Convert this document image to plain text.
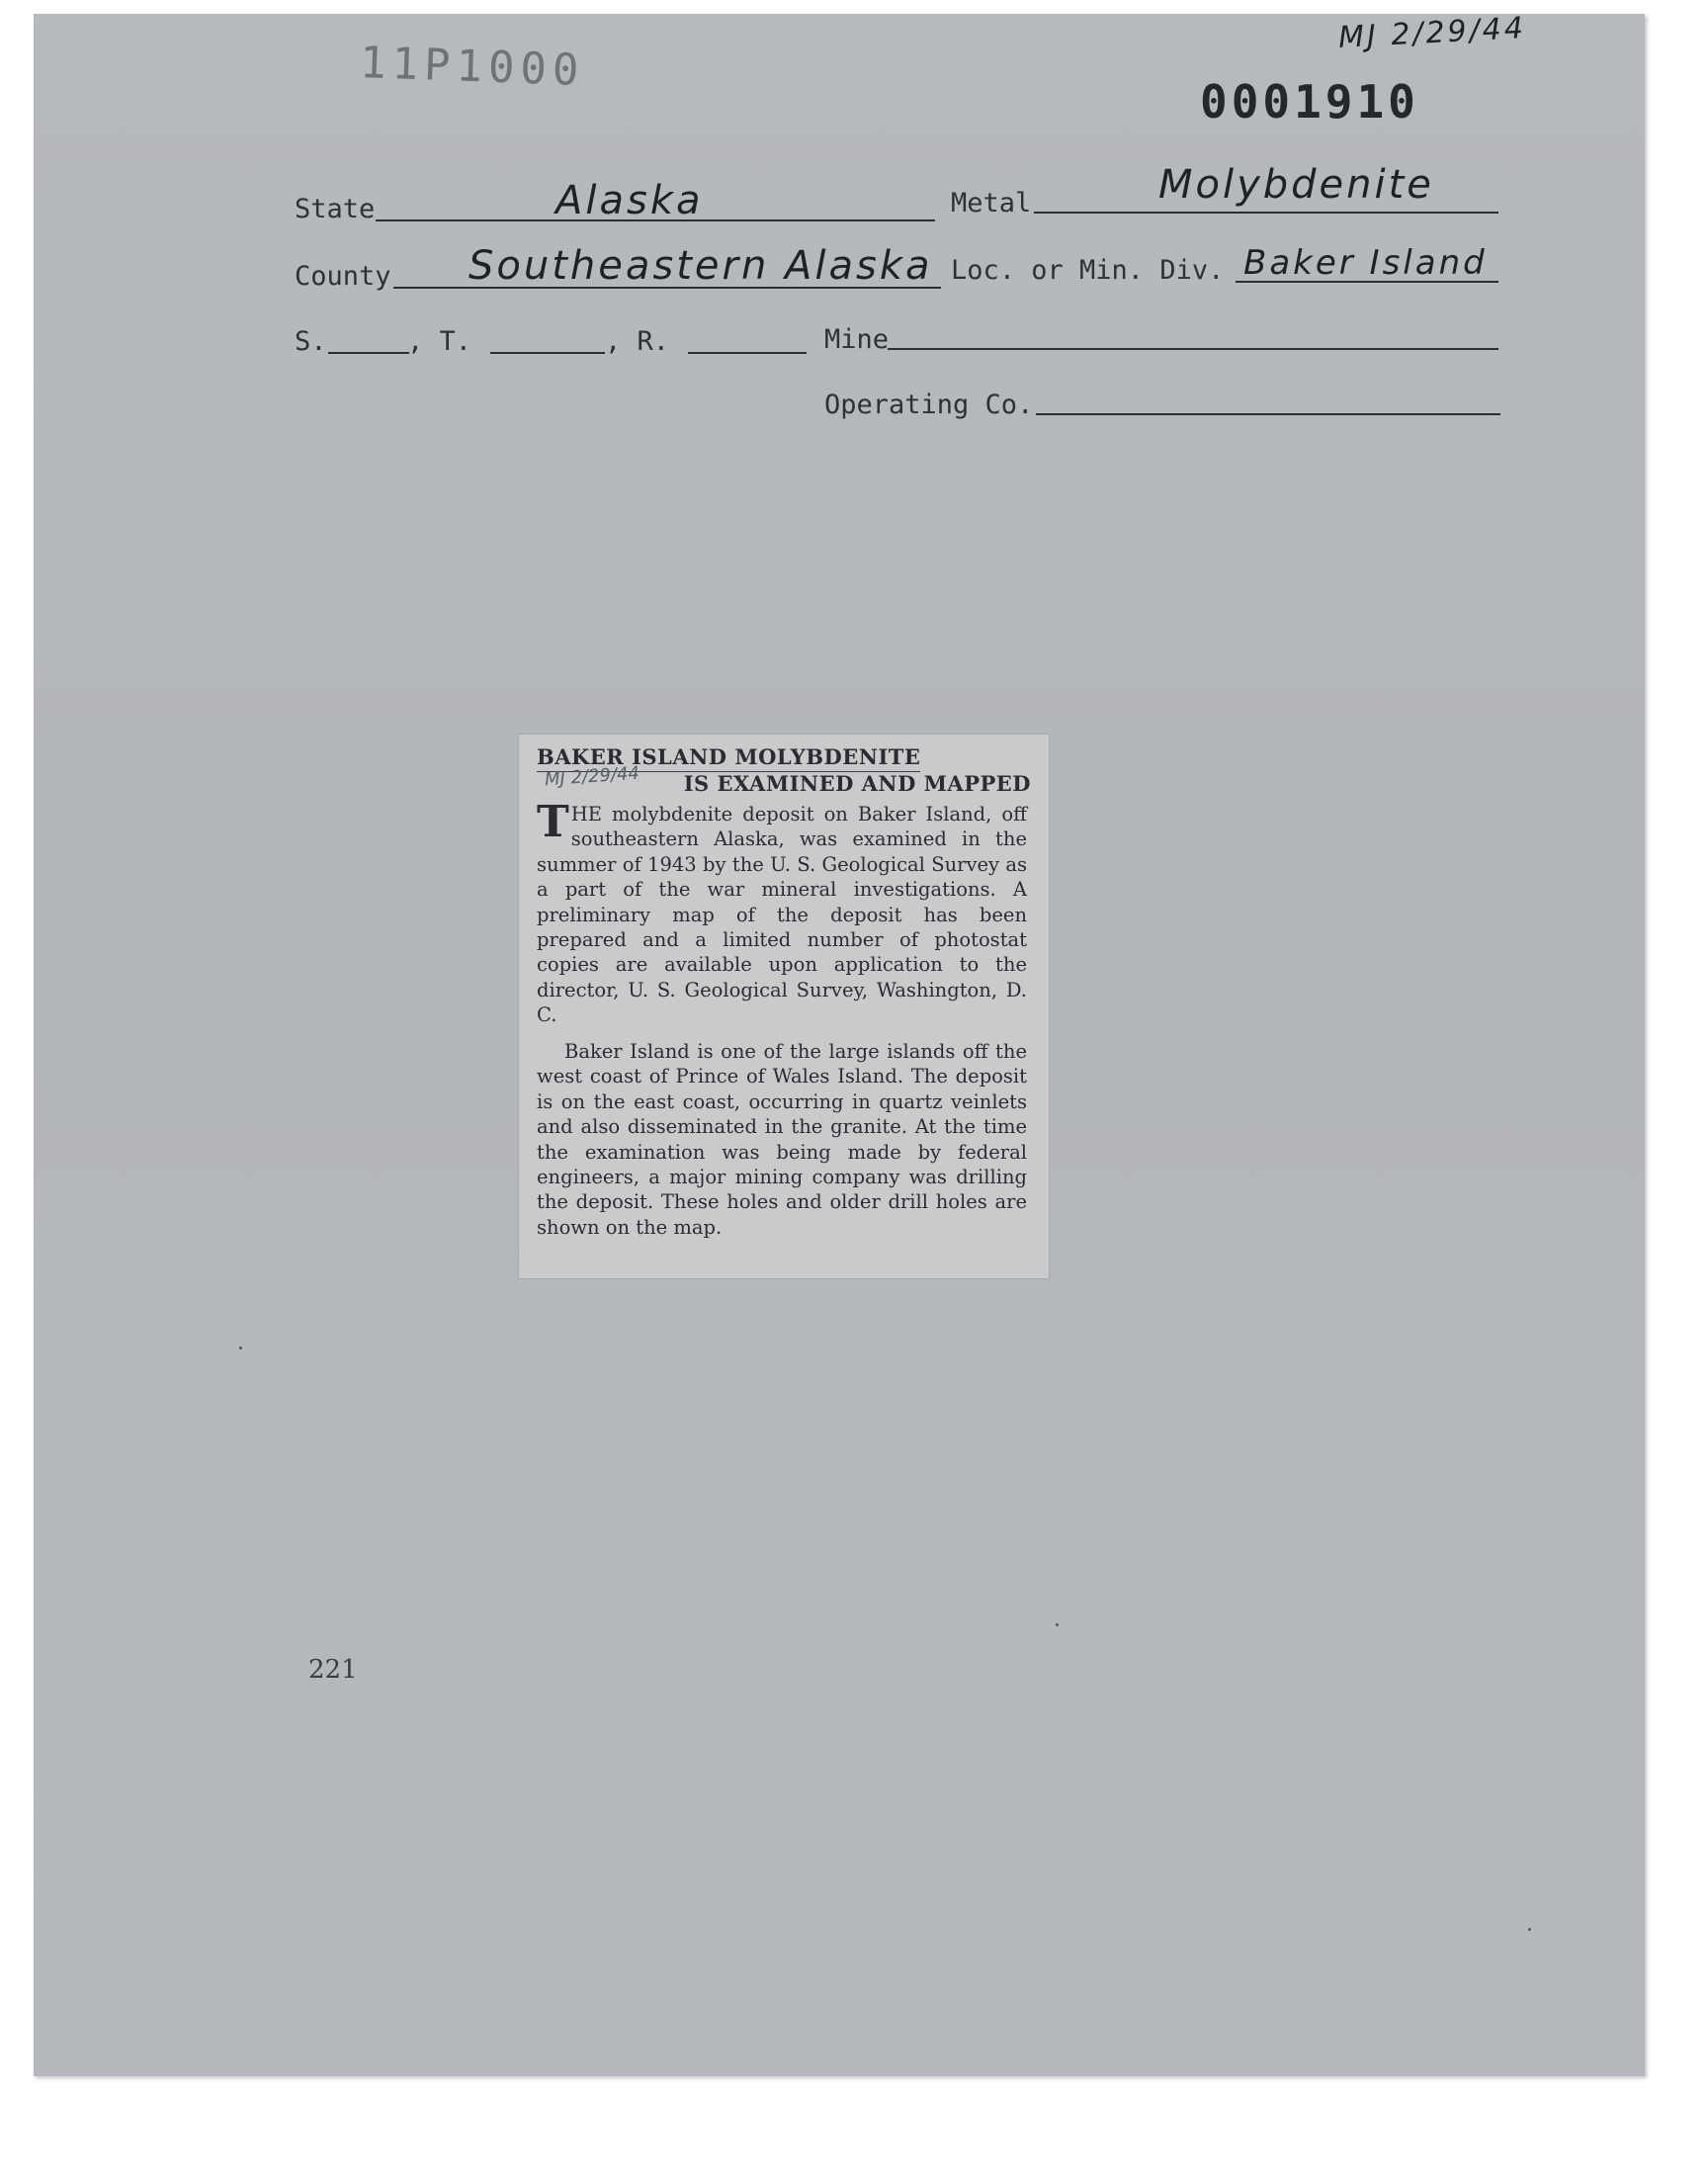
11P1000
0001910
MJ 2/29/44
State	Alaska	Metal	Molybdenite
County Southeastern Alaska Loc. or Min. Div. Baker Island
S.	, T.	, R.	Mine
Operating Co.
BAKER ISLAND MOLYBDENITE
MJ 2/29/44 IS EXAMINED AND MAPPED
THE molybdenite deposit on Baker Island, off southeastern Alaska, was examined in the summer of 1943 by the U. S. Geological Survey as a part of the war mineral investigations. A preliminary map of the deposit has been prepared and a limited number of photostat copies are available upon application to the director, U. S. Geological Survey, Washington, D. C.
Baker Island is one of the large islands off the west coast of Prince of Wales Island. The deposit is on the east coast, occurring in quartz veinlets and also disseminated in the granite. At the time the examination was being made by federal engineers, a major mining company was drilling the deposit. These holes and older drill holes are shown on the map.
221
